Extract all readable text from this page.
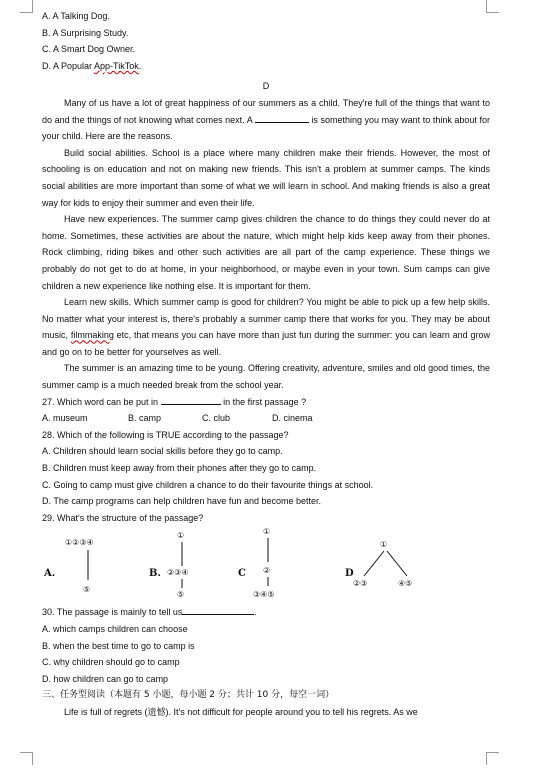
A. A Talking Dog.
B. A Surprising Study.
C. A Smart Dog Owner.
D. A Popular App-TikTok.
D

Many of us have a lot of great happiness of our summers as a child. They're full of the things that want to do and the things of not knowing what comes next. A	is something you may want to think about for your child. Here are the reasons.

Build social abilities. School is a place where many children make their friends. However, the most of schooling is on education and not on making new friends. This isn't a problem at summer camps. The kinds social abilities are more important than some of what we will learn in school. And making friends is also a great way for kids to enjoy their summer and even their life.

Have new experiences. The summer camp gives children the chance to do things they could never do at home. Sometimes, these activities are about the nature, which might help kids keep away from their phones. Rock climbing, riding bikes and other such activities are all part of the camp experience. These things we probably do not get to do at home, in your neighborhood, or maybe even in your town. Sum camps can give children a new experience like nothing else. It is important for them.

Learn new skills. Which summer camp is good for children? You might be able to pick up a few help skills. No matter what your interest is, there's probably a summer camp there that works for you. They may be about music, filmmaking etc, that means you can have more than just fun during the summer: you can learn and grow and go on to be better for yourselves as well.

The summer is an amazing time to be young. Offering creativity, adventure, smiles and old good times, the summer camp is a much needed break from the school year.

27. Which word can be put in	in the first passage ?
A. museum	B. camp	C. club	D. cinema
28. Which of the following is TRUE according to the passage?
A. Children should learn social skills before they go to camp.
B. Children must keep away from their phones after they go to camp.
C. Going to camp must give children a chance to do their favourite things at school.
D. The camp programs can help children have fun and become better.
29. What's the structure of the passage?
A.
①②③④
⑤
B.
①
②③④
⑤
C
①
②
③④⑤
D
①
②③	④⑤
30. The passage is mainly to tell us	.
A. which camps children can choose
B. when the best time to go to camp is
C. why children should go to camp
D. how children can go to camp
三、任务型阅读（本题有 5 小题，每小题 2 分；共计 10 分，每空一词）
Life is full of regrets (遗憾). It's not difficult for people around you to tell his regrets. As we
